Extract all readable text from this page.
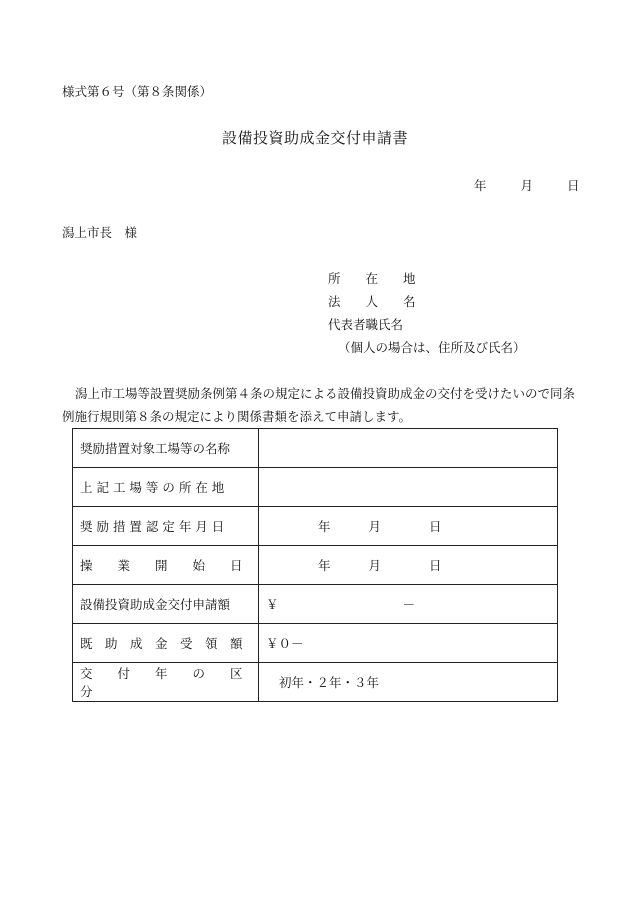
様式第６号（第８条関係）
設備投資助成金交付申請書
年	月	日
潟上市長　様
所　　在　　地
法　　人　　名
代表者職氏名
（個人の場合は、住所及び氏名）
潟上市工場等設置奨励条例第４条の規定による設備投資助成金の交付を受けたいので同条例施行規則第８条の規定により関係書類を添えて申請します。
奨励措置対象工場等の名称	
上 記 工 場 等 の 所 在 地	
奨 励 措 置 認 定 年 月 日	年 月 日
操　　業　　開　　始　　日	年 月 日
設備投資助成金交付申請額	￥ －
既　助　成　金　受　領　額	￥０－
交　　付　　年　　の　　区　　分	初年・２年・３年
